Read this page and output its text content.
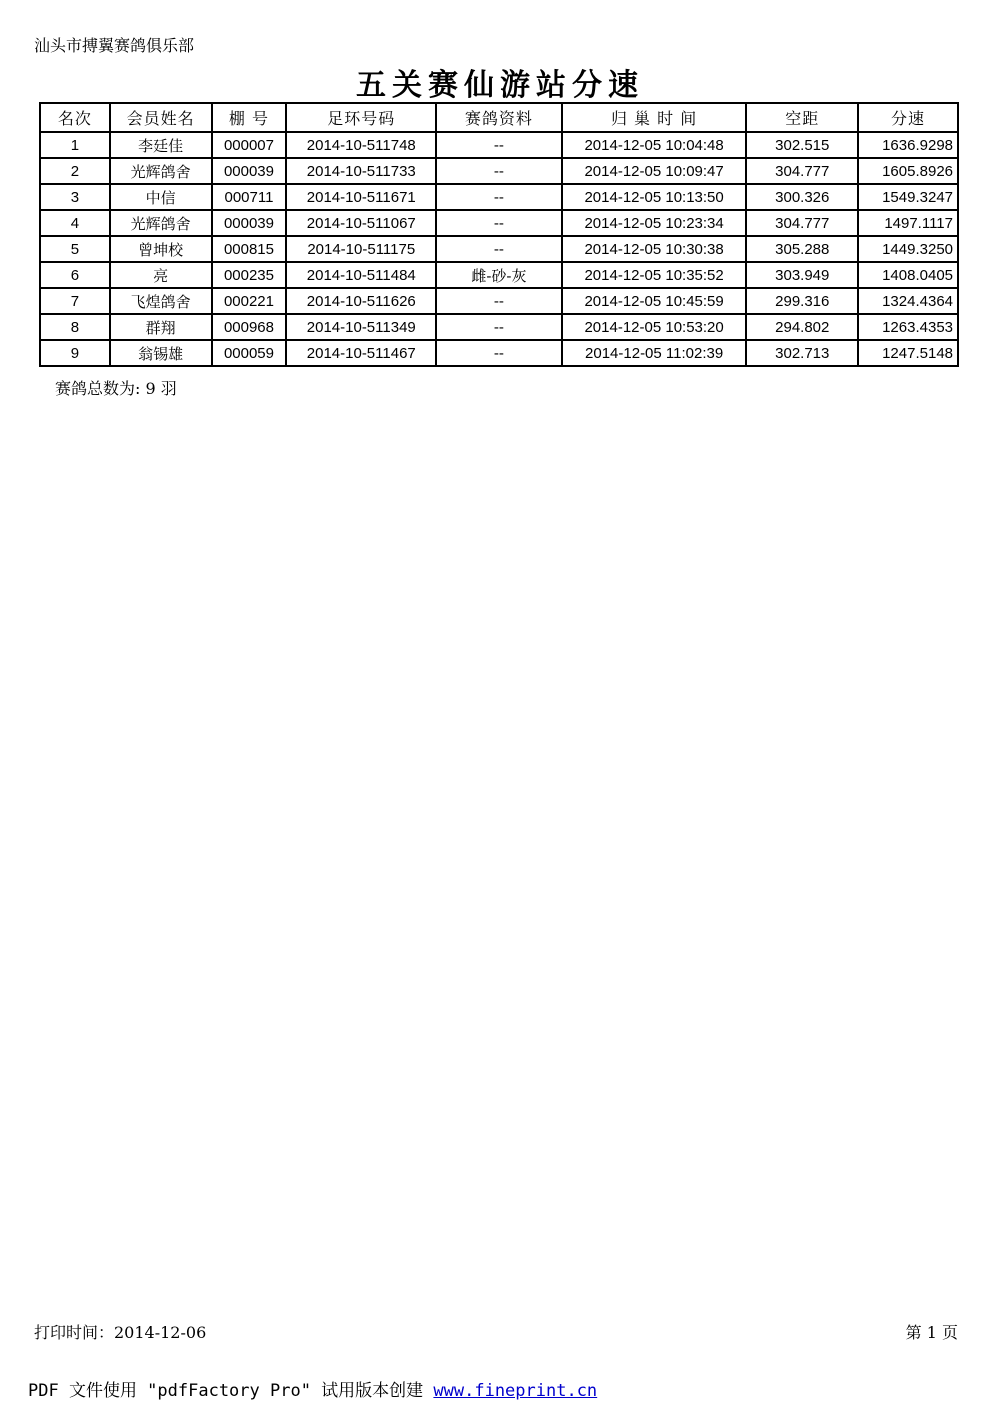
汕头市搏翼赛鸽俱乐部
五关赛仙游站分速
名次	会员姓名	棚 号	足环号码	赛鸽资料	归 巢 时 间	空距	分速
1	李廷佳	000007	2014-10-511748	--	2014-12-05 10:04:48	302.515	1636.9298
2	光辉鸽舍	000039	2014-10-511733	--	2014-12-05 10:09:47	304.777	1605.8926
3	中信	000711	2014-10-511671	--	2014-12-05 10:13:50	300.326	1549.3247
4	光辉鸽舍	000039	2014-10-511067	--	2014-12-05 10:23:34	304.777	1497.1117
5	曾坤校	000815	2014-10-511175	--	2014-12-05 10:30:38	305.288	1449.3250
6	亮	000235	2014-10-511484	雌-砂-灰	2014-12-05 10:35:52	303.949	1408.0405
7	飞煌鸽舍	000221	2014-10-511626	--	2014-12-05 10:45:59	299.316	1324.4364
8	群翔	000968	2014-10-511349	--	2014-12-05 10:53:20	294.802	1263.4353
9	翁锡雄	000059	2014-10-511467	--	2014-12-05 11:02:39	302.713	1247.5148
赛鸽总数为: 9 羽
打印时间：2014-12-06	第 1 页
PDF 文件使用 "pdfFactory Pro" 试用版本创建 www.fineprint.cn
